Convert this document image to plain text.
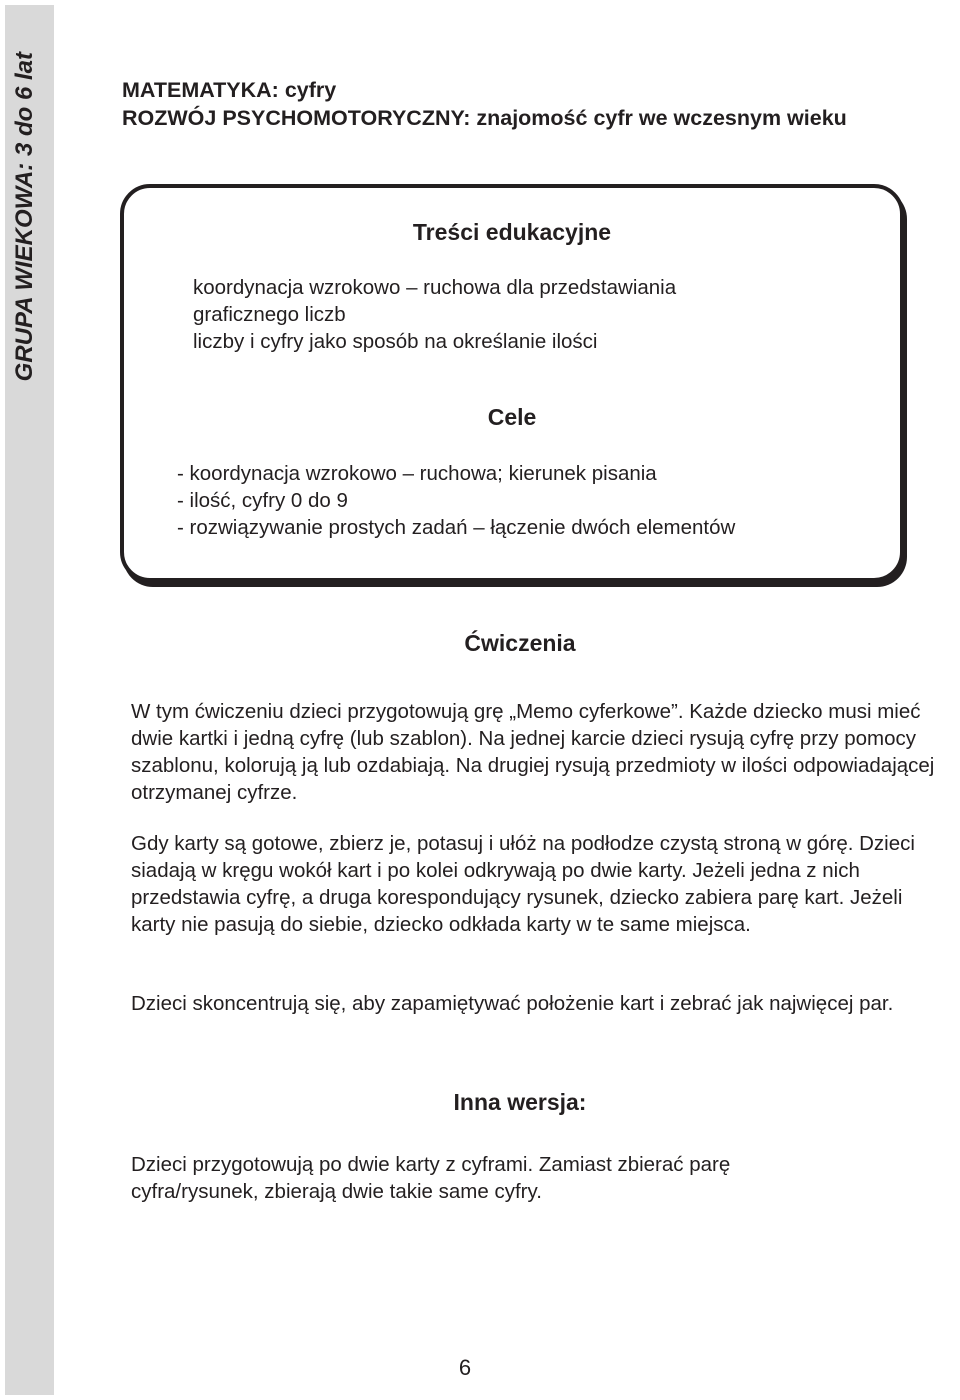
GRUPA WIEKOWA: 3 do 6 lat	MATEMATYKA: cyfry
ROZWÓJ PSYCHOMOTORYCZNY: znajomość cyfr we wczesnym wieku
Treści edukacyjne
koordynacja wzrokowo – ruchowa dla przedstawiania
graficznego liczb
liczby i cyfry jako sposób na określanie ilości
Cele
- koordynacja wzrokowo – ruchowa; kierunek pisania
- ilość, cyfry 0 do 9
- rozwiązywanie prostych zadań – łączenie dwóch elementów
Ćwiczenia

W tym ćwiczeniu dzieci przygotowują grę „Memo cyferkowe”. Każde dziecko musi mieć dwie kartki i jedną cyfrę (lub szablon). Na jednej karcie dzieci rysują cyfrę przy pomocy szablonu, kolorują ją lub ozdabiają. Na drugiej rysują przedmioty w ilości odpowiadającej otrzymanej cyfrze.

Gdy karty są gotowe, zbierz je, potasuj i ułóż na podłodze czystą stroną w górę. Dzieci siadają w kręgu wokół kart i po kolei odkrywają po dwie karty. Jeżeli jedna z nich przedstawia cyfrę, a druga korespondujący rysunek, dziecko zabiera parę kart. Jeżeli karty nie pasują do siebie, dziecko odkłada karty w te same miejsca.

Dzieci skoncentrują się, aby zapamiętywać położenie kart i zebrać jak najwięcej par.

Inna wersja:

Dzieci przygotowują po dwie karty z cyframi. Zamiast zbierać parę cyfra/rysunek, zbierają dwie takie same cyfry.

6
